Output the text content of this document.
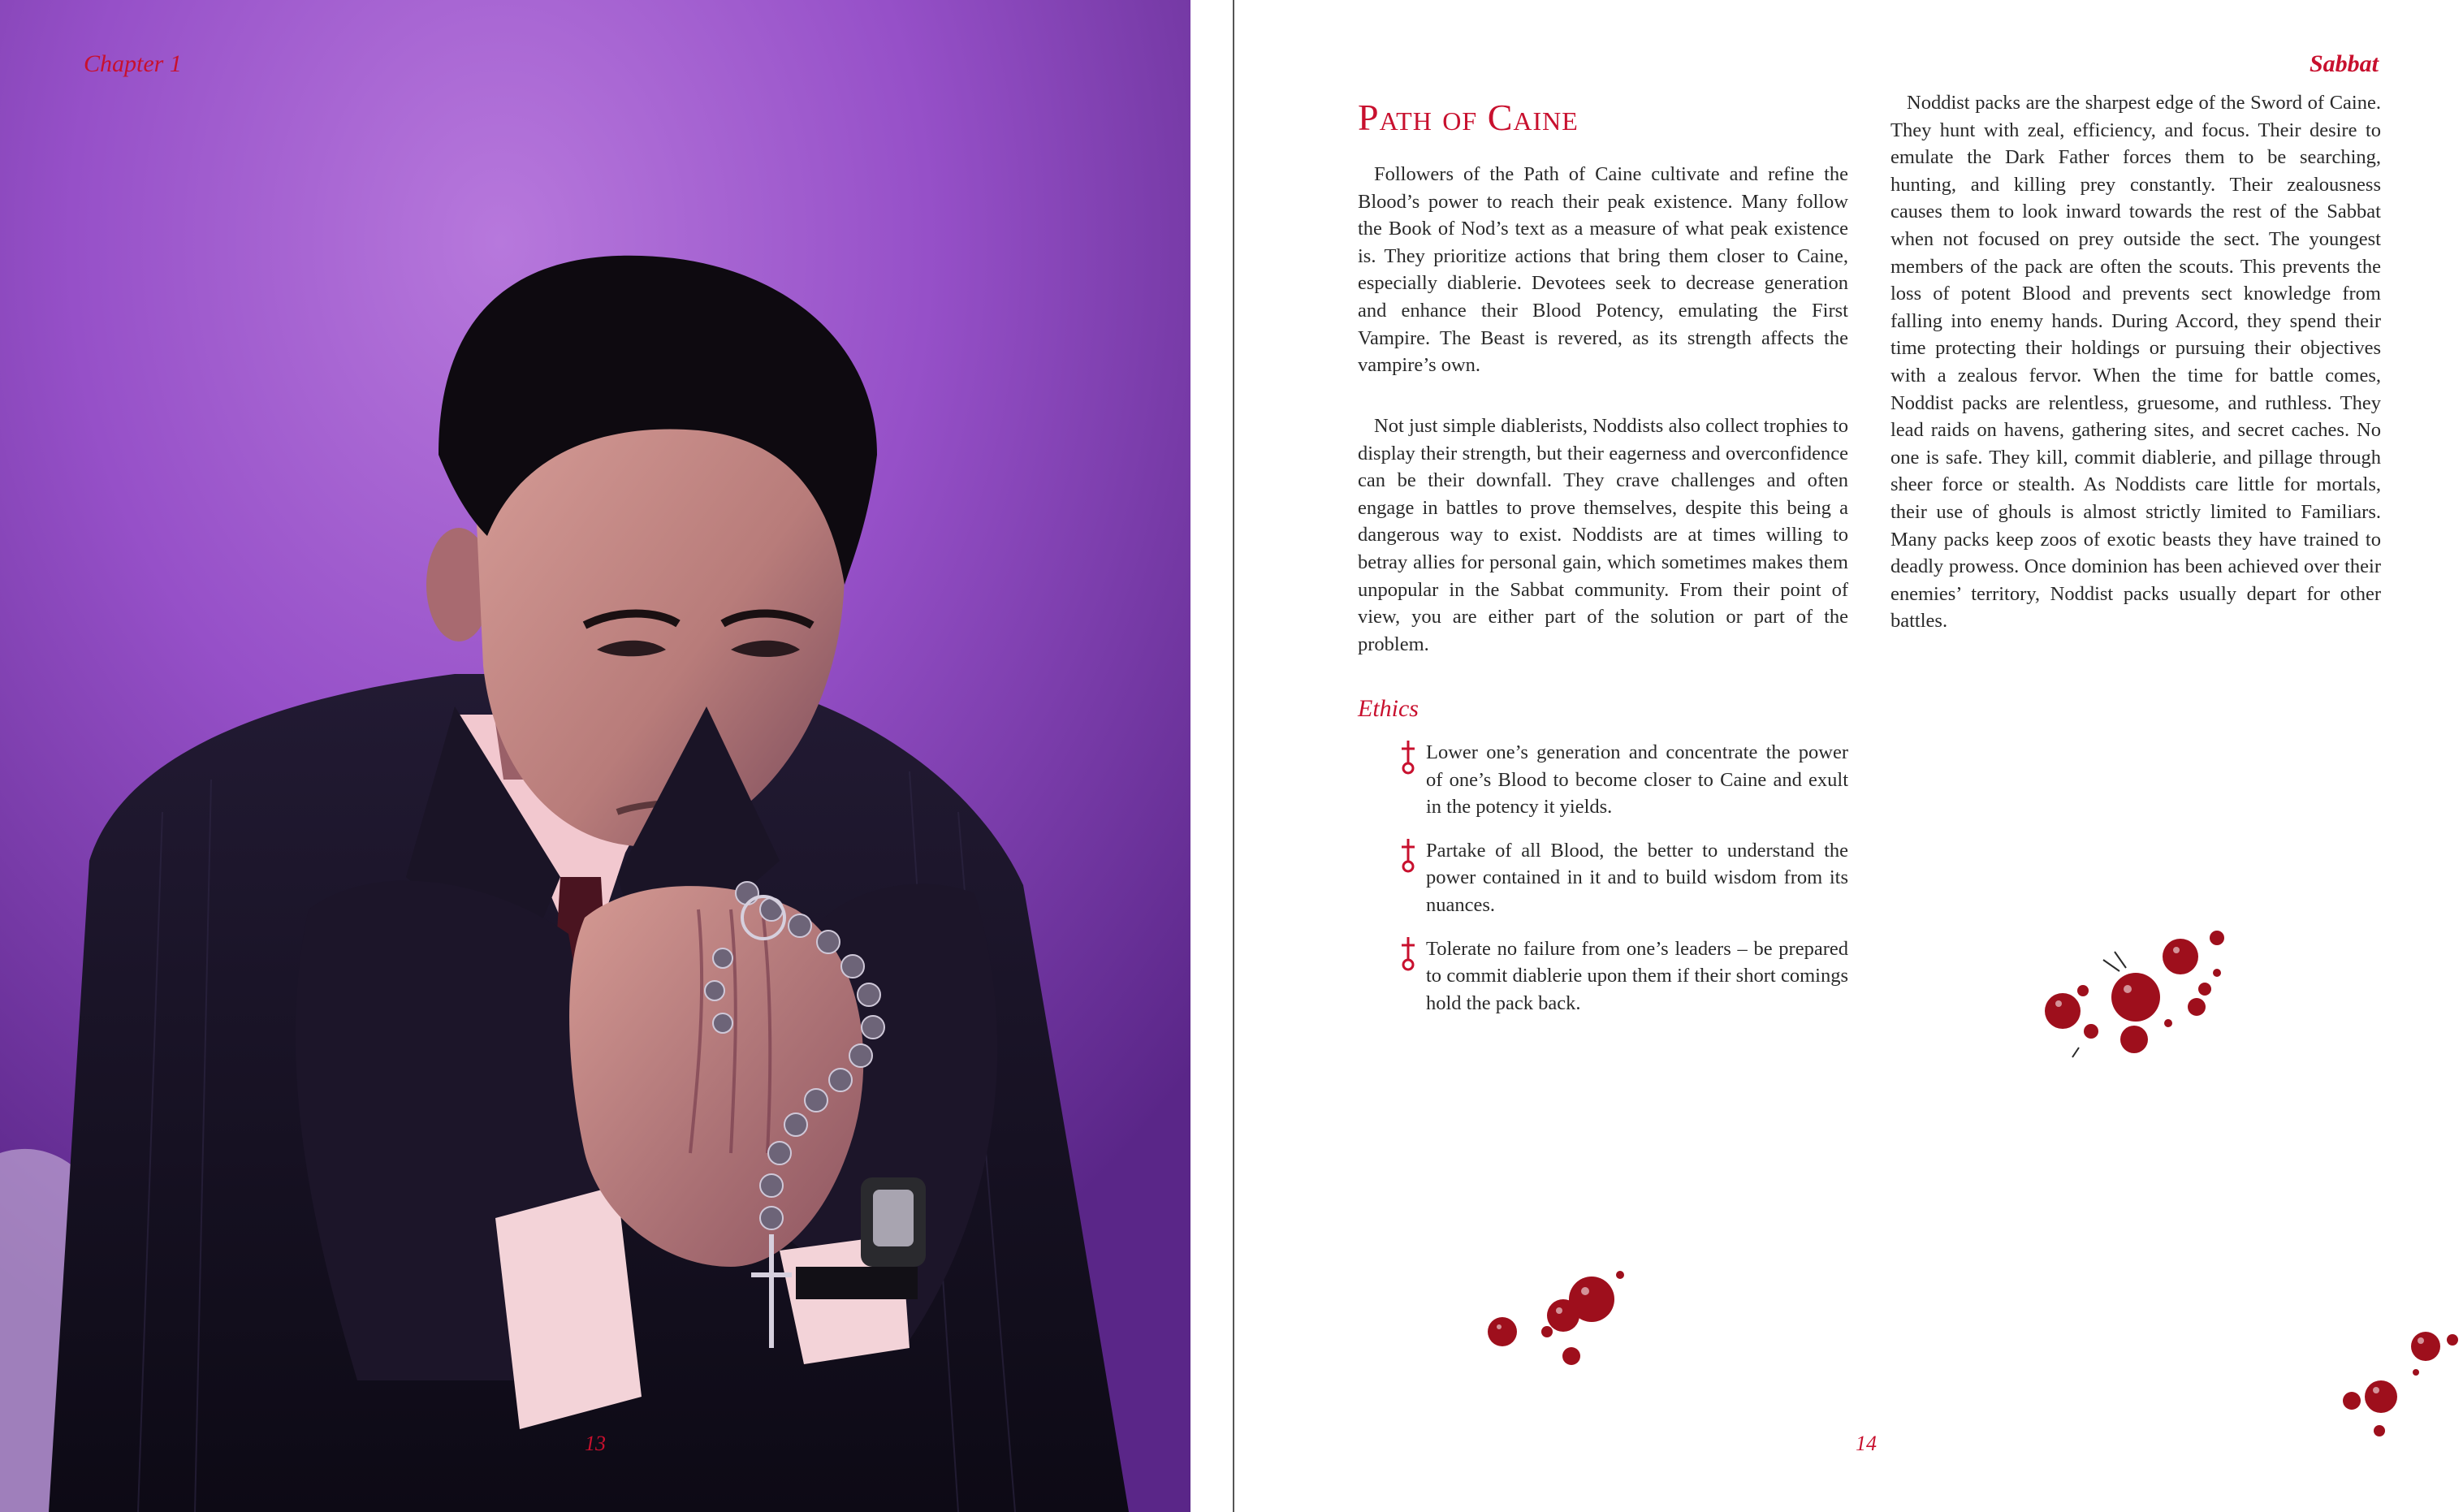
Chapter 1
13
Sabbat
Path of Caine

Followers of the Path of Caine cultivate and refine the Blood’s power to reach their peak existence. Many follow the Book of Nod’s text as a measure of what peak existence is. They prioritize actions that bring them closer to Caine, especially diablerie. Devotees seek to decrease generation and enhance their Blood Potency, emulating the First Vampire. The Beast is revered, as its strength affects the vampire’s own.

Not just simple diablerists, Noddists also collect trophies to display their strength, but their eagerness and overconfidence can be their downfall. They crave challenges and often engage in battles to prove themselves, despite this being a dangerous way to exist. Noddists are at times willing to betray allies for personal gain, which sometimes makes them unpopular in the Sabbat community. From their point of view, you are either part of the solution or part of the problem.

Ethics
Lower one’s generation and concentrate the power of one’s Blood to become closer to Caine and exult in the potency it yields.
Partake of all Blood, the better to understand the power contained in it and to build wisdom from its nuances.
Tolerate no failure from one’s leaders – be prepared to commit diablerie upon them if their short comings hold the pack back.

Noddist packs are the sharpest edge of the Sword of Caine. They hunt with zeal, efficiency, and focus. Their desire to emulate the Dark Father forces them to be searching, hunting, and killing prey constantly. Their zealousness causes them to look inward towards the rest of the Sabbat when not focused on prey outside the sect. The youngest members of the pack are often the scouts. This prevents the loss of potent Blood and prevents sect knowledge from falling into enemy hands. During Accord, they spend their time protecting their holdings or pursuing their objectives with a zealous fervor. When the time for battle comes, Noddist packs are relentless, gruesome, and ruthless. They lead raids on havens, gathering sites, and secret caches. No one is safe. They kill, commit diablerie, and pillage through sheer force or stealth. As Noddists care little for mortals, their use of ghouls is almost strictly limited to Familiars. Many packs keep zoos of exotic beasts they have trained to deadly prowess. Once dominion has been achieved over their enemies’ territory, Noddist packs usually depart for other battles.

14
